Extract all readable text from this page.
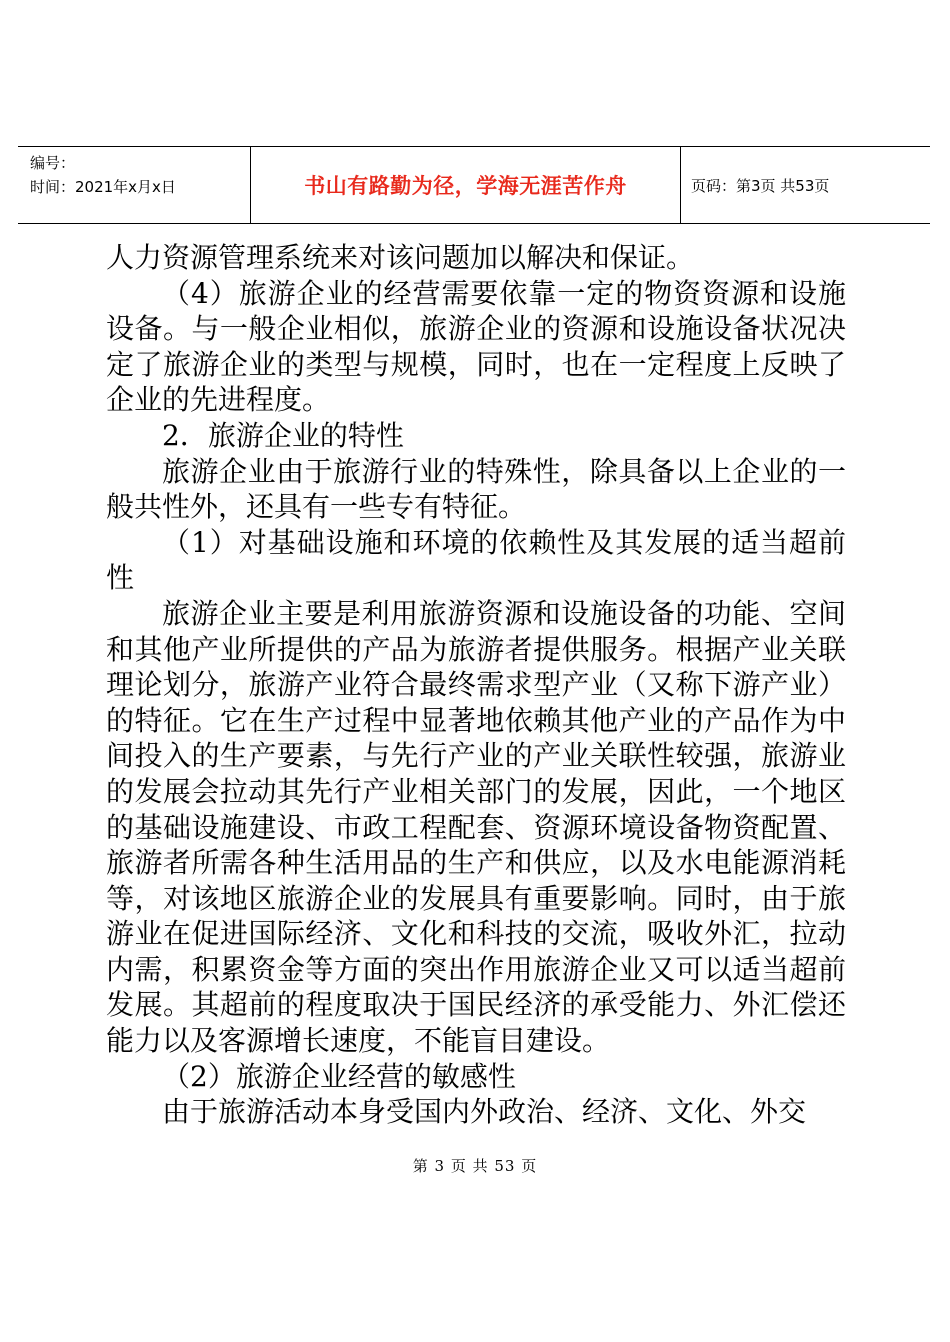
编号：
时间：2021年x月x日	书山有路勤为径，学海无涯苦作舟	页码：第3页 共53页

人力资源管理系统来对该问题加以解决和保证。

（4）旅游企业的经营需要依靠一定的物资资源和设施设备。与一般企业相似，旅游企业的资源和设施设备状况决定了旅游企业的类型与规模，同时，也在一定程度上反映了企业的先进程度。

2．旅游企业的特性

旅游企业由于旅游行业的特殊性，除具备以上企业的一般共性外，还具有一些专有特征。

（1）对基础设施和环境的依赖性及其发展的适当超前性

旅游企业主要是利用旅游资源和设施设备的功能、空间和其他产业所提供的产品为旅游者提供服务。根据产业关联理论划分，旅游产业符合最终需求型产业（又称下游产业）的特征。它在生产过程中显著地依赖其他产业的产品作为中间投入的生产要素，与先行产业的产业关联性较强，旅游业的发展会拉动其先行产业相关部门的发展，因此，一个地区的基础设施建设、市政工程配套、资源环境设备物资配置、旅游者所需各种生活用品的生产和供应，以及水电能源消耗等，对该地区旅游企业的发展具有重要影响。同时，由于旅游业在促进国际经济、文化和科技的交流，吸收外汇，拉动内需，积累资金等方面的突出作用旅游企业又可以适当超前发展。其超前的程度取决于国民经济的承受能力、外汇偿还能力以及客源增长速度，不能盲目建设。

（2）旅游企业经营的敏感性

由于旅游活动本身受国内外政治、经济、文化、外交

第 3 页 共 53 页
